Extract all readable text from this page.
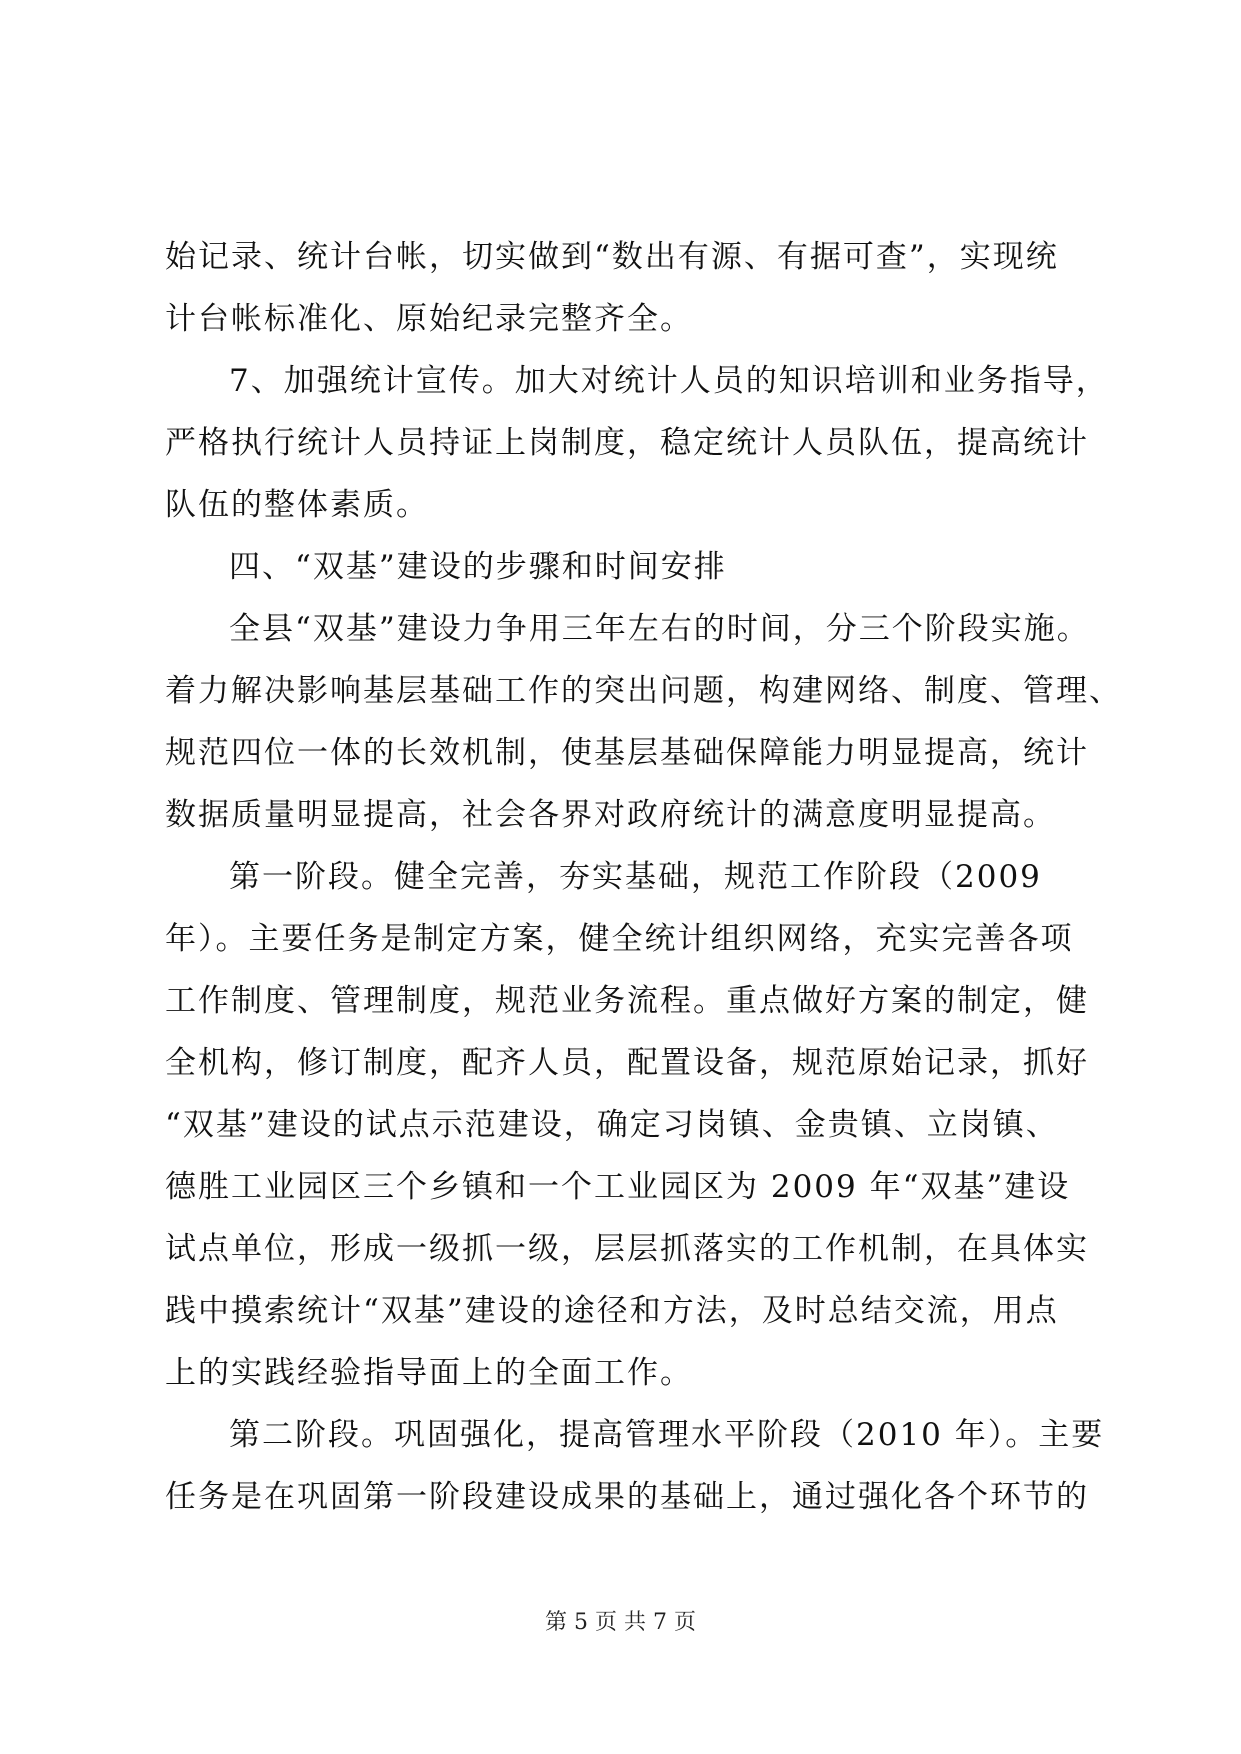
始记录、统计台帐，切实做到“数出有源、有据可查”，实现统
计台帐标准化、原始纪录完整齐全。
7、加强统计宣传。加大对统计人员的知识培训和业务指导，
严格执行统计人员持证上岗制度，稳定统计人员队伍，提高统计
队伍的整体素质。
四、“双基”建设的步骤和时间安排
全县“双基”建设力争用三年左右的时间，分三个阶段实施。
着力解决影响基层基础工作的突出问题，构建网络、制度、管理、
规范四位一体的长效机制，使基层基础保障能力明显提高，统计
数据质量明显提高，社会各界对政府统计的满意度明显提高。
第一阶段。健全完善，夯实基础，规范工作阶段（2009
年）。主要任务是制定方案，健全统计组织网络，充实完善各项
工作制度、管理制度，规范业务流程。重点做好方案的制定，健
全机构，修订制度，配齐人员，配置设备，规范原始记录，抓好
“双基”建设的试点示范建设，确定习岗镇、金贵镇、立岗镇、
德胜工业园区三个乡镇和一个工业园区为 2009 年“双基”建设
试点单位，形成一级抓一级，层层抓落实的工作机制，在具体实
践中摸索统计“双基”建设的途径和方法，及时总结交流，用点
上的实践经验指导面上的全面工作。
第二阶段。巩固强化，提高管理水平阶段（2010 年）。主要
任务是在巩固第一阶段建设成果的基础上，通过强化各个环节的
第 5 页 共 7 页
